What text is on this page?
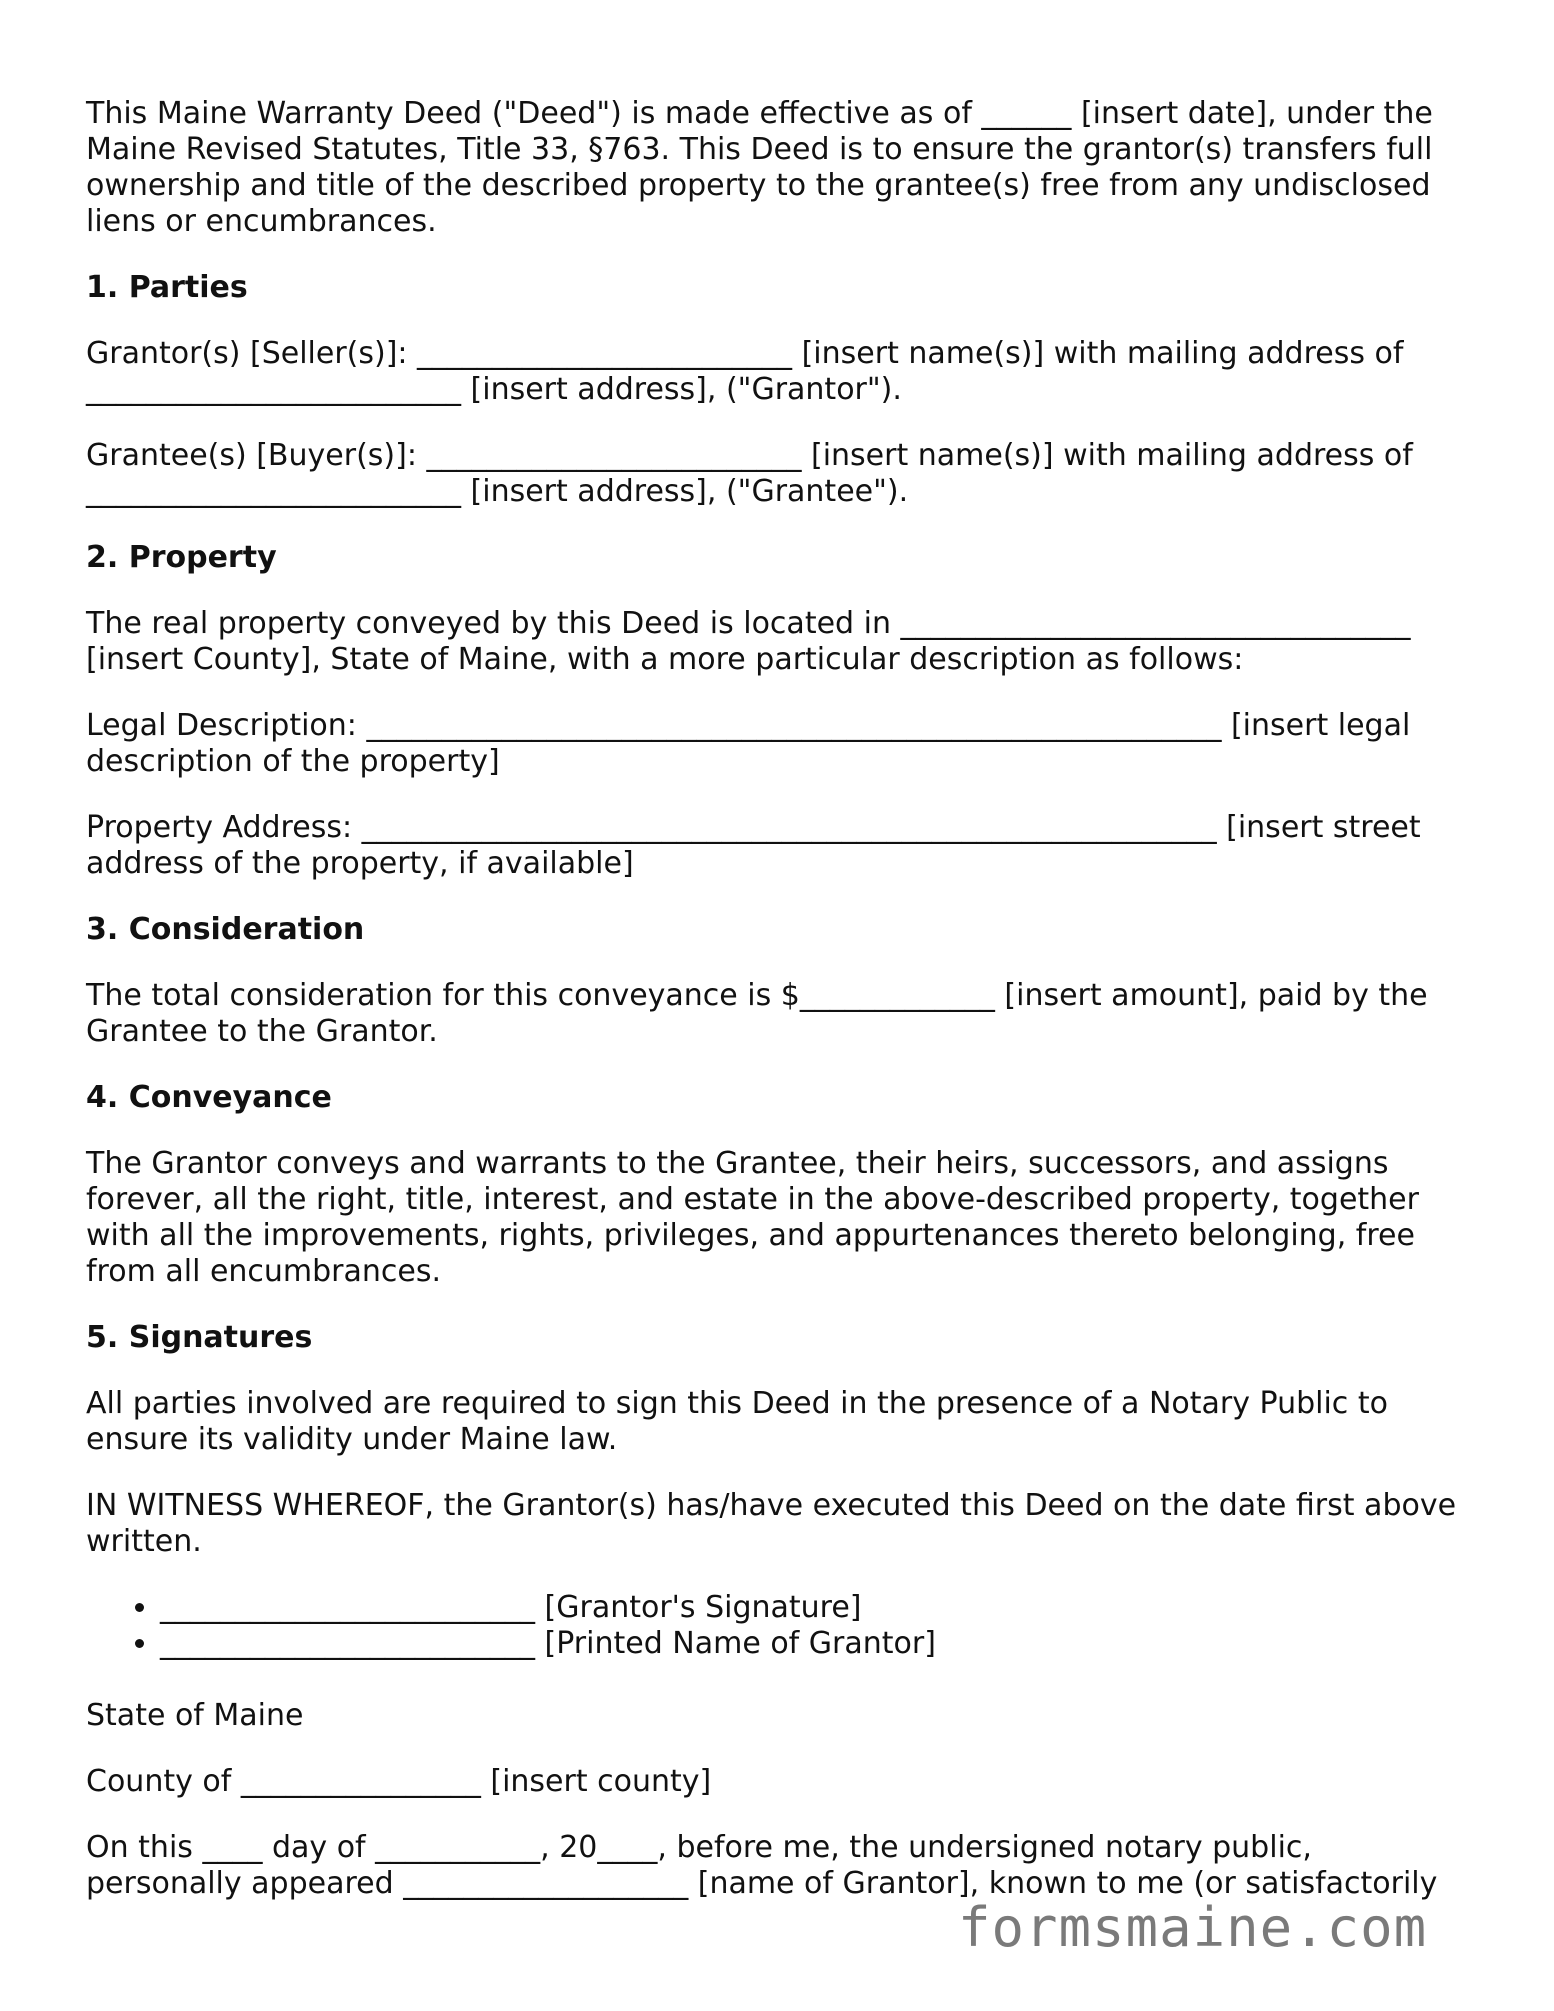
This Maine Warranty Deed ("Deed") is made effective as of ______ [insert date], under the Maine Revised Statutes, Title 33, §763. This Deed is to ensure the grantor(s) transfers full ownership and title of the described property to the grantee(s) free from any undisclosed liens or encumbrances.

1. Parties

Grantor(s) [Seller(s)]: _________________________ [insert name(s)] with mailing address of _________________________ [insert address], ("Grantor").

Grantee(s) [Buyer(s)]: _________________________ [insert name(s)] with mailing address of _________________________ [insert address], ("Grantee").

2. Property

The real property conveyed by this Deed is located in __________________________________ [insert County], State of Maine, with a more particular description as follows:

Legal Description: _________________________________________________________ [insert legal description of the property]

Property Address: _________________________________________________________ [insert street address of the property, if available]

3. Consideration

The total consideration for this conveyance is $_____________ [insert amount], paid by the Grantee to the Grantor.

4. Conveyance

The Grantor conveys and warrants to the Grantee, their heirs, successors, and assigns forever, all the right, title, interest, and estate in the above-described property, together with all the improvements, rights, privileges, and appurtenances thereto belonging, free from all encumbrances.

5. Signatures

All parties involved are required to sign this Deed in the presence of a Notary Public to ensure its validity under Maine law.

IN WITNESS WHEREOF, the Grantor(s) has/have executed this Deed on the date first above written.

• _________________________ [Grantor's Signature]
• _________________________ [Printed Name of Grantor]

State of Maine

County of ________________ [insert county]

On this ____ day of ___________, 20____, before me, the undersigned notary public, personally appeared ___________________ [name of Grantor], known to me (or satisfactorily

formsmaine.com
